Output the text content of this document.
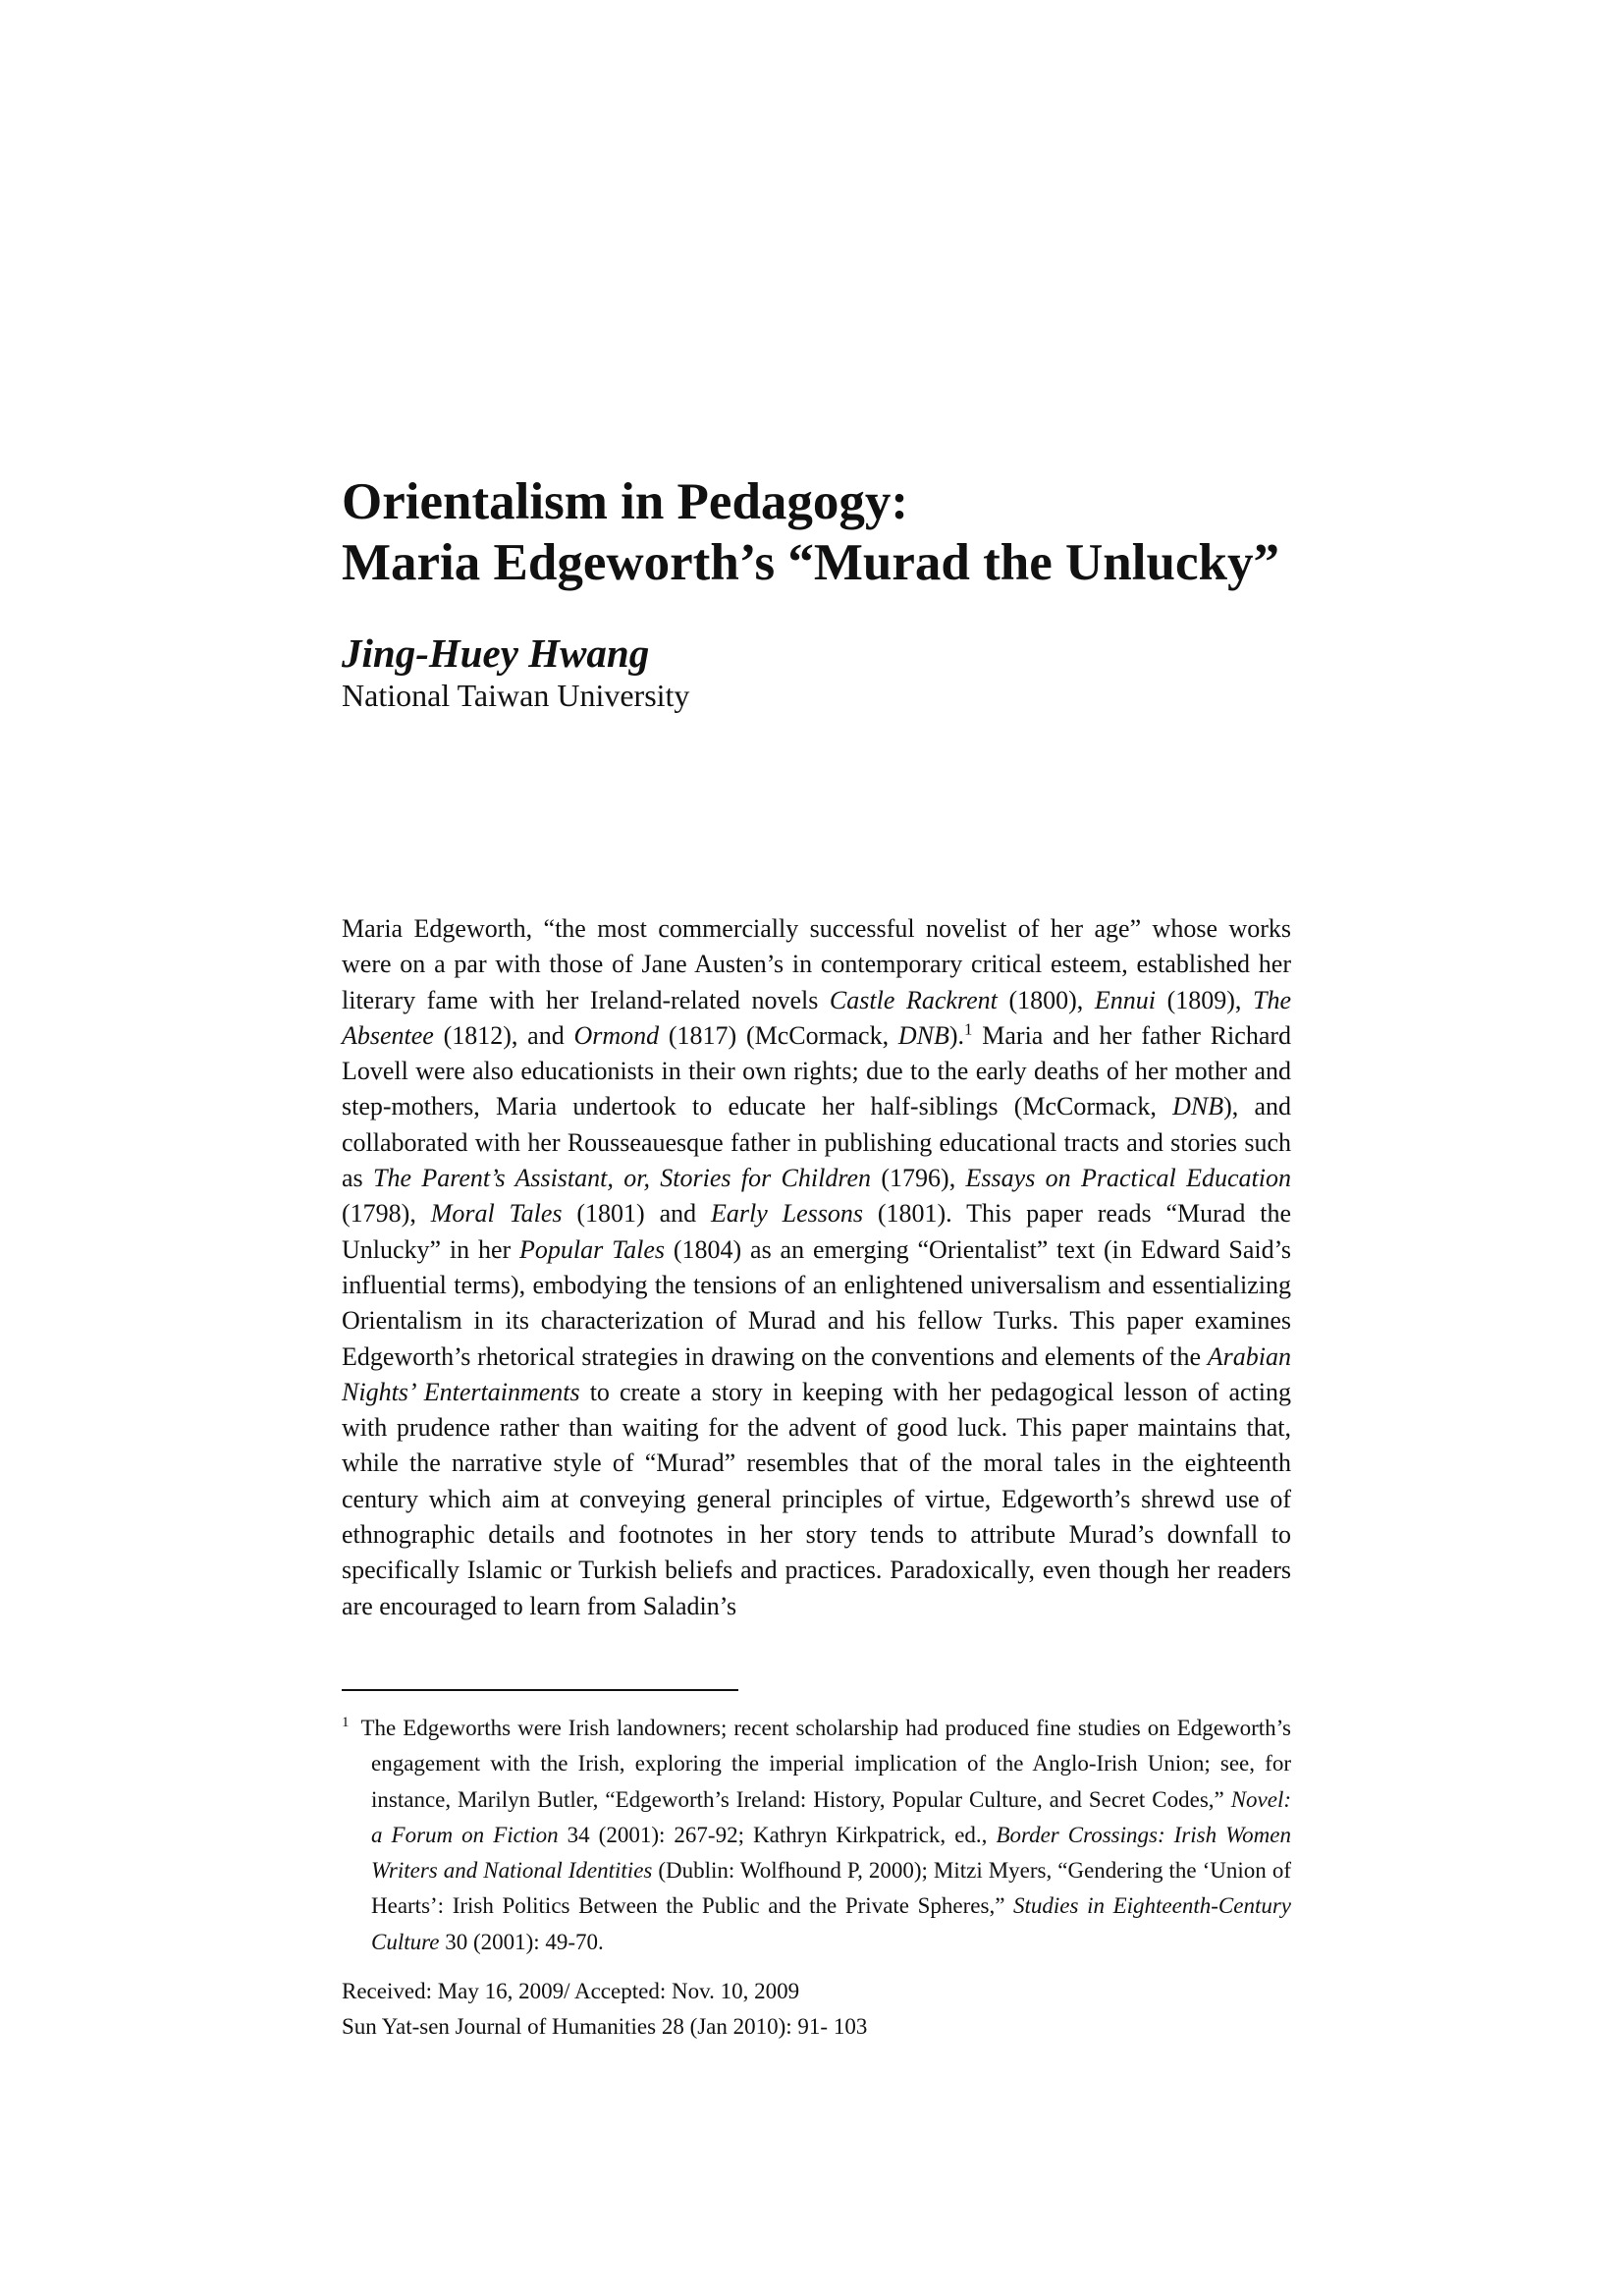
Orientalism in Pedagogy:
Maria Edgeworth’s “Murad the Unlucky”

Jing-Huey Hwang

National Taiwan University

Maria Edgeworth, “the most commercially successful novelist of her age” whose works were on a par with those of Jane Austen’s in contemporary critical esteem, established her literary fame with her Ireland-related novels Castle Rackrent (1800), Ennui (1809), The Absentee (1812), and Ormond (1817) (McCormack, DNB).$^1$ Maria and her father Richard Lovell were also educationists in their own rights; due to the early deaths of her mother and step-mothers, Maria undertook to educate her half-siblings (McCormack, DNB), and collaborated with her Rousseauesque father in publishing educational tracts and stories such as The Parent’s Assistant, or, Stories for Children (1796), Essays on Practical Education (1798), Moral Tales (1801) and Early Lessons (1801). This paper reads “Murad the Unlucky” in her Popular Tales (1804) as an emerging “Orientalist” text (in Edward Said’s influential terms), embodying the tensions of an enlightened universalism and essentializing Orientalism in its characterization of Murad and his fellow Turks. This paper examines Edgeworth’s rhetorical strategies in drawing on the conventions and elements of the Arabian Nights’ Entertainments to create a story in keeping with her pedagogical lesson of acting with prudence rather than waiting for the advent of good luck. This paper maintains that, while the narrative style of “Murad” resembles that of the moral tales in the eighteenth century which aim at conveying general principles of virtue, Edgeworth’s shrewd use of ethnographic details and footnotes in her story tends to attribute Murad’s downfall to specifically Islamic or Turkish beliefs and practices. Paradoxically, even though her readers are encouraged to learn from Saladin’s

$^1$ The Edgeworths were Irish landowners; recent scholarship had produced fine studies on Edgeworth’s engagement with the Irish, exploring the imperial implication of the Anglo-Irish Union; see, for instance, Marilyn Butler, “Edgeworth’s Ireland: History, Popular Culture, and Secret Codes,” Novel: a Forum on Fiction 34 (2001): 267-92; Kathryn Kirkpatrick, ed., Border Crossings: Irish Women Writers and National Identities (Dublin: Wolfhound P, 2000); Mitzi Myers, “Gendering the ‘Union of Hearts’: Irish Politics Between the Public and the Private Spheres,” Studies in Eighteenth-Century Culture 30 (2001): 49-70.

Received: May 16, 2009/ Accepted: Nov. 10, 2009

Sun Yat-sen Journal of Humanities 28 (Jan 2010): 91- 103
